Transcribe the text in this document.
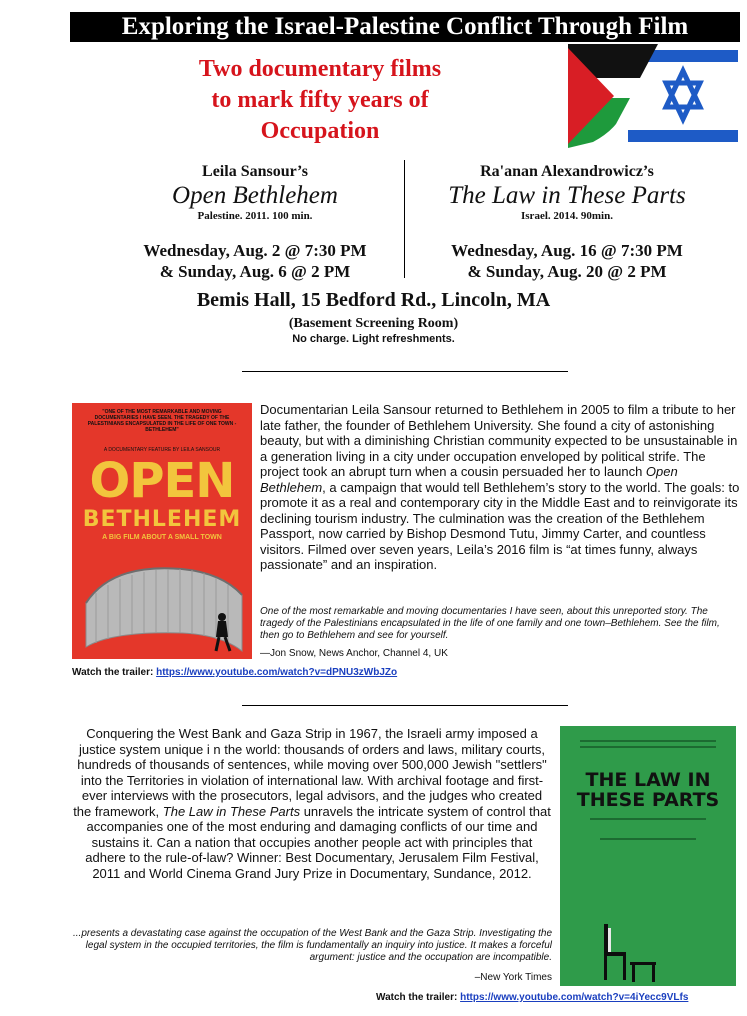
Exploring the Israel-Palestine Conflict Through Film
Two documentary films
to mark fifty years of
Occupation
Leila Sansour’s
Open Bethlehem
Palestine. 2011. 100 min.
Wednesday, Aug. 2 @ 7:30 PM
& Sunday, Aug. 6 @ 2 PM
Ra'anan Alexandrowicz’s
The Law in These Parts
Israel. 2014. 90min.
Wednesday, Aug. 16 @ 7:30 PM
& Sunday, Aug. 20 @ 2 PM
Bemis Hall, 15 Bedford Rd., Lincoln, MA
(Basement Screening Room)
No charge. Light refreshments.
"ONE OF THE MOST REMARKABLE AND MOVING DOCUMENTARIES I HAVE SEEN. THE TRAGEDY OF THE PALESTINIANS ENCAPSULATED IN THE LIFE OF ONE TOWN - BETHLEHEM"
A DOCUMENTARY FEATURE BY LEILA SANSOUR
OPEN
BETHLEHEM
A BIG FILM ABOUT A SMALL TOWN
Documentarian Leila Sansour returned to Bethlehem in 2005 to film a tribute to her late father, the founder of Bethlehem University. She found a city of astonishing beauty, but with a diminishing Christian community expected to be unsustainable in a generation living in a city under occupation enveloped by political strife. The project took an abrupt turn when a cousin persuaded her to launch Open Bethlehem, a campaign that would tell Bethlehem’s story to the world. The goals: to promote it as a real and contemporary city in the Middle East and to reinvigorate its declining tourism industry. The culmination was the creation of the Bethlehem Passport, now carried by Bishop Desmond Tutu, Jimmy Carter, and countless visitors. Filmed over seven years, Leila’s 2016 film is “at times funny, always passionate” and an inspiration.
One of the most remarkable and moving documentaries I have seen, about this unreported story. The tragedy of the Palestinians encapsulated in the life of one family and one town–Bethlehem. See the film, then go to Bethlehem and see for yourself.
—Jon Snow, News Anchor, Channel 4, UK
Watch the trailer: https://www.youtube.com/watch?v=dPNU3zWbJZo
Conquering the West Bank and Gaza Strip in 1967, the Israeli army imposed a justice system unique i n the world: thousands of orders and laws, military courts, hundreds of thousands of sentences, while moving over 500,000 Jewish "settlers" into the Territories in violation of international law. With archival footage and first-ever interviews with the prosecutors, legal advisors, and the judges who created the framework, The Law in These Parts unravels the intricate system of control that accompanies one of the most enduring and damaging conflicts of our time and sustains it. Can a nation that occupies another people act with principles that adhere to the rule-of-law? Winner: Best Documentary, Jerusalem Film Festival, 2011 and World Cinema Grand Jury Prize in Documentary, Sundance, 2012.
...presents a devastating case against the occupation of the West Bank and the Gaza Strip. Investigating the legal system in the occupied territories, the film is fundamentally an inquiry into justice. It makes a forceful argument: justice and the occupation are incompatible.
–New York Times
THE LAW IN
THESE PARTS
Watch the trailer: https://www.youtube.com/watch?v=4iYecc9VLfs
